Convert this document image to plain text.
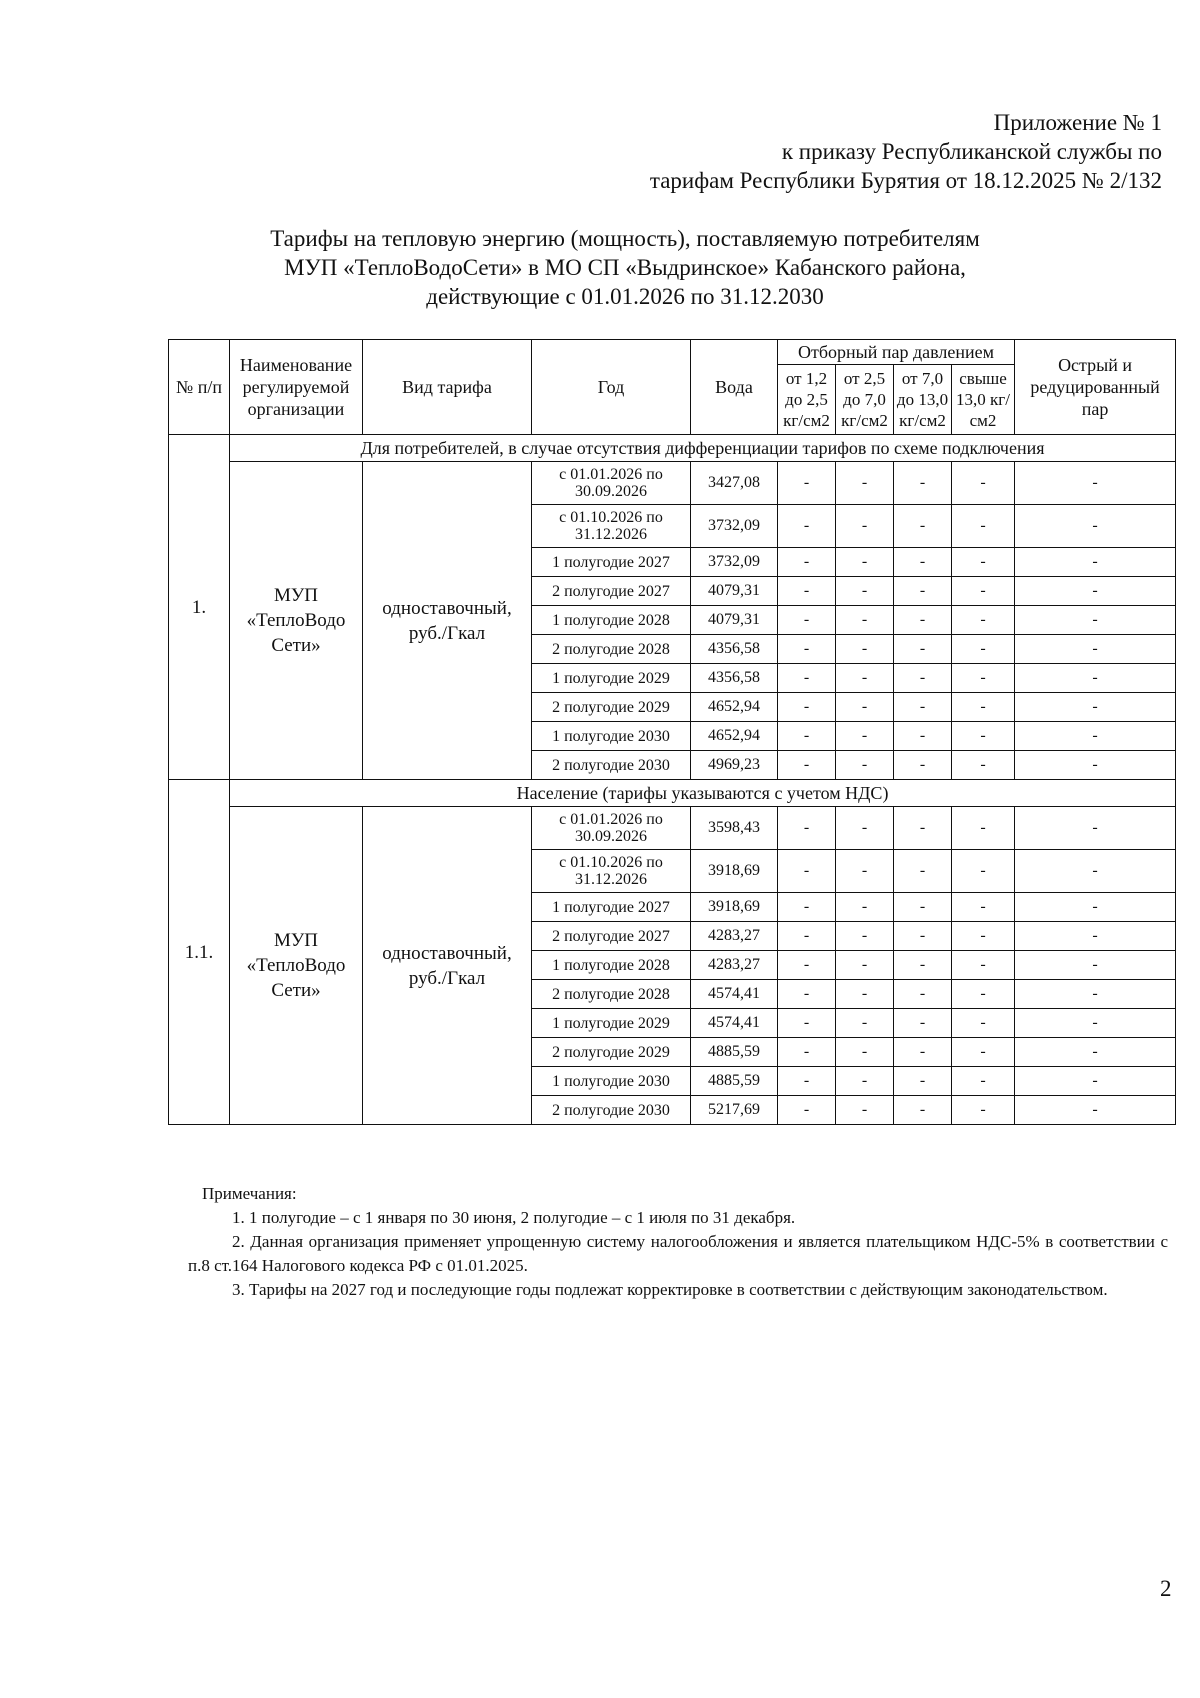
Приложение № 1
к приказу Республиканской службы по
тарифам Республики Бурятия от 18.12.2025 № 2/132
Тарифы на тепловую энергию (мощность), поставляемую потребителям
МУП «ТеплоВодоСети» в МО СП «Выдринское» Кабанского района,
действующие с 01.01.2026 по 31.12.2030
№ п/п	Наименование регулируемой организации	Вид тарифа	Год	Вода	Отборный пар давлением				Острый и редуцированный пар
					от 1,2 до 2,5 кг/см2	от 2,5 до 7,0 кг/см2	от 7,0 до 13,0 кг/см2	свыше 13,0 кг/см2	
1.	Для потребителей, в случае отсутствия дифференциации тарифов по схеме подключения								
	МУП «ТеплоВодо Сети»	одноставочный, руб./Гкал	с 01.01.2026 по 30.09.2026	3427,08	-	-	-	-	-
			с 01.10.2026 по 31.12.2026	3732,09	-	-	-	-	-
			1 полугодие 2027	3732,09	-	-	-	-	-
			2 полугодие 2027	4079,31	-	-	-	-	-
			1 полугодие 2028	4079,31	-	-	-	-	-
			2 полугодие 2028	4356,58	-	-	-	-	-
			1 полугодие 2029	4356,58	-	-	-	-	-
			2 полугодие 2029	4652,94	-	-	-	-	-
			1 полугодие 2030	4652,94	-	-	-	-	-
			2 полугодие 2030	4969,23	-	-	-	-	-
1.1.	Население (тарифы указываются с учетом НДС)								
	МУП «ТеплоВодо Сети»	одноставочный, руб./Гкал	с 01.01.2026 по 30.09.2026	3598,43	-	-	-	-	-
			с 01.10.2026 по 31.12.2026	3918,69	-	-	-	-	-
			1 полугодие 2027	3918,69	-	-	-	-	-
			2 полугодие 2027	4283,27	-	-	-	-	-
			1 полугодие 2028	4283,27	-	-	-	-	-
			2 полугодие 2028	4574,41	-	-	-	-	-
			1 полугодие 2029	4574,41	-	-	-	-	-
			2 полугодие 2029	4885,59	-	-	-	-	-
			1 полугодие 2030	4885,59	-	-	-	-	-
			2 полугодие 2030	5217,69	-	-	-	-	-
Примечания:
1. 1 полугодие – с 1 января по 30 июня, 2 полугодие – с 1 июля по 31 декабря.
2. Данная организация применяет упрощенную систему налогообложения и является плательщиком НДС-5% в соответствии с п.8 ст.164 Налогового кодекса РФ с 01.01.2025.
3. Тарифы на 2027 год и последующие годы подлежат корректировке в соответствии с действующим законодательством.
2
